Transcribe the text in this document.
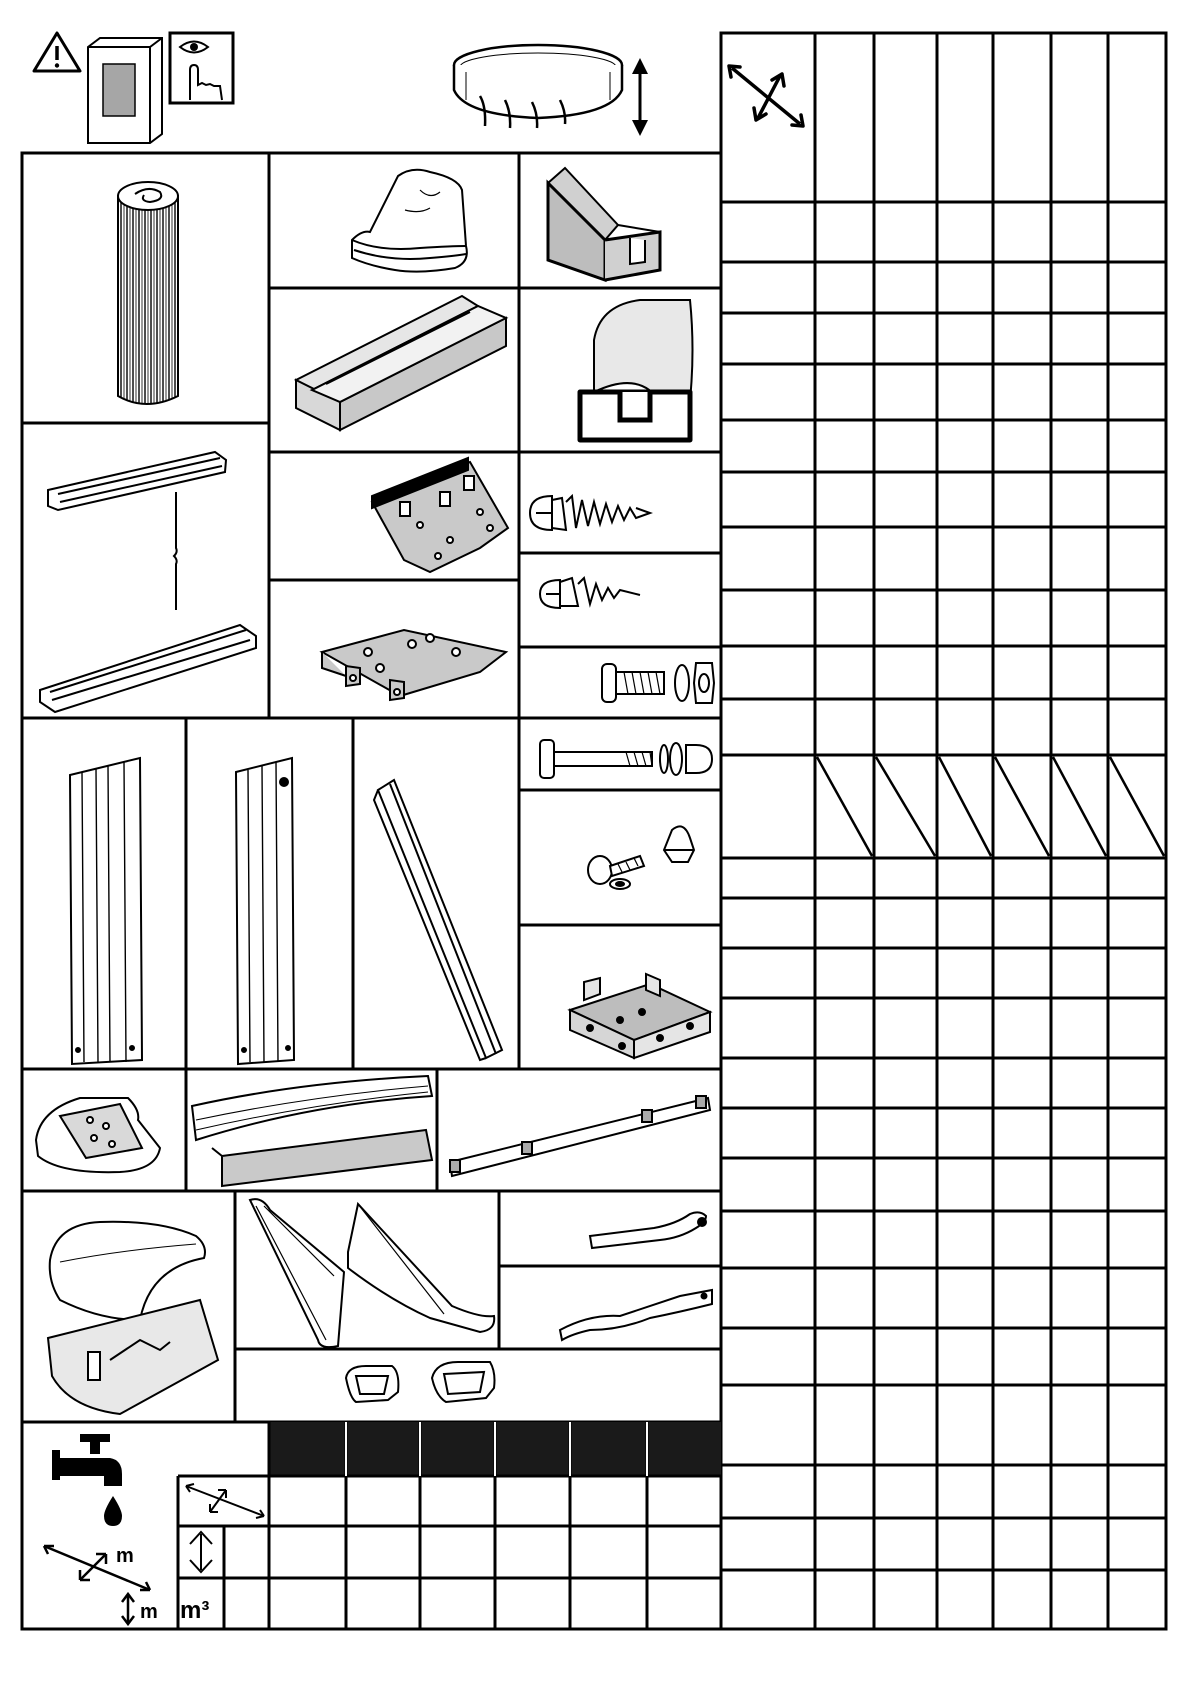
m
m m³
